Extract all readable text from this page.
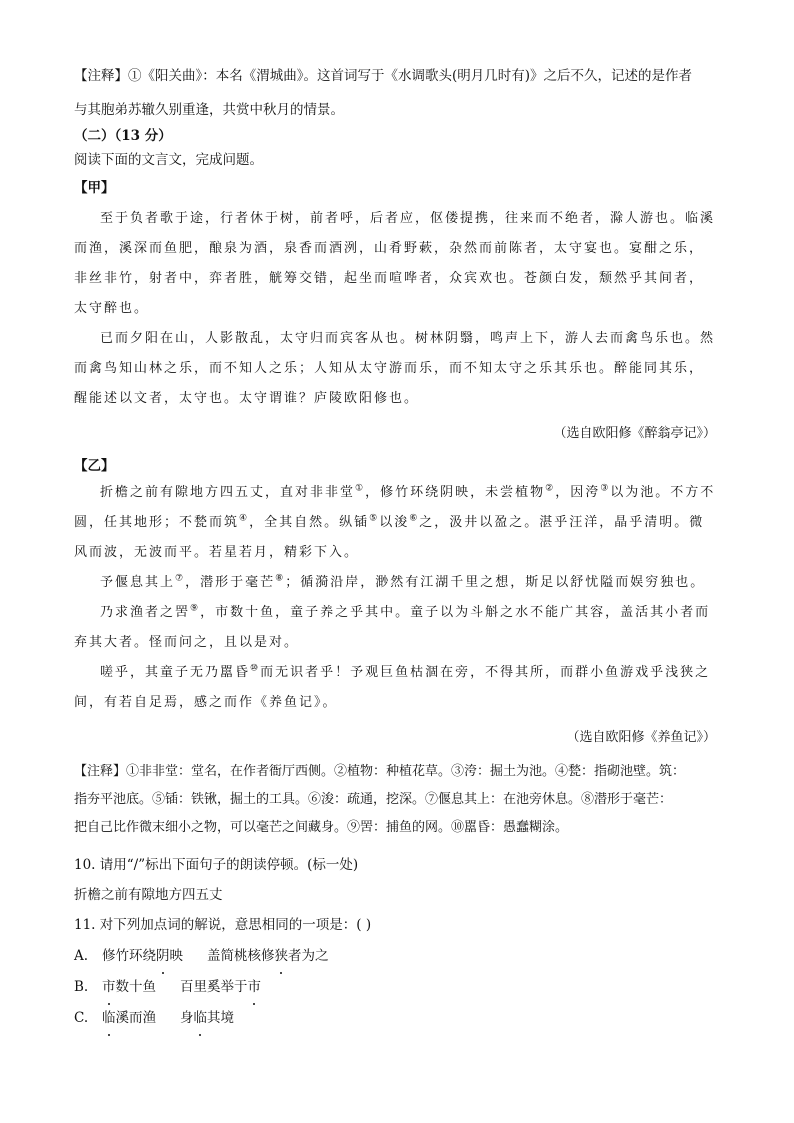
【注释】①《阳关曲》：本名《渭城曲》。这首词写于《水调歌头(明月几时有)》之后不久，记述的是作者

与其胞弟苏辙久别重逢，共赏中秋月的情景。

（二）（13 分）

阅读下面的文言文，完成问题。

【甲】

至于负者歌于途，行者休于树，前者呼，后者应，伛偻提携，往来而不绝者，滁人游也。临溪而渔，溪深而鱼肥，酿泉为酒，泉香而酒洌，山肴野蔌，杂然而前陈者，太守宴也。宴酣之乐，非丝非竹，射者中，弈者胜，觥筹交错，起坐而喧哗者，众宾欢也。苍颜白发，颓然乎其间者，太守醉也。

已而夕阳在山，人影散乱，太守归而宾客从也。树林阴翳，鸣声上下，游人去而禽鸟乐也。然而禽鸟知山林之乐，而不知人之乐；人知从太守游而乐，而不知太守之乐其乐也。醉能同其乐，醒能述以文者，太守也。太守谓谁？庐陵欧阳修也。

（选自欧阳修《醉翁亭记》）

【乙】

折檐之前有隙地方四五丈，直对非非堂①，修竹环绕阴映，未尝植物②，因洿③以为池。不方不圆，任其地形；不甃而筑④，全其自然。纵锸⑤以浚⑥之，汲井以盈之。湛乎汪洋，晶乎清明。微风而波，无波而平。若星若月，精彩下入。

予偃息其上⑦，潜形于毫芒⑧；循漪沿岸，渺然有江湖千里之想，斯足以舒忧隘而娱穷独也。

乃求渔者之罟⑨，市数十鱼，童子养之乎其中。童子以为斗斛之水不能广其容，盖活其小者而弃其大者。怪而问之，且以是对。

嗟乎，其童子无乃嚚昏⑩而无识者乎！予观巨鱼枯涸在旁，不得其所，而群小鱼游戏乎浅狭之间，有若自足焉，感之而作《养鱼记》。

（选自欧阳修《养鱼记》）

【注释】①非非堂：堂名，在作者衙厅西侧。②植物：种植花草。③洿：掘土为池。④甃：指砌池壁。筑：

指夯平池底。⑤锸：铁锹，掘土的工具。⑥浚：疏通，挖深。⑦偃息其上：在池旁休息。⑧潜形于毫芒：

把自己比作微末细小之物，可以毫芒之间藏身。⑨罟：捕鱼的网。⑩嚚昏：愚蠢糊涂。

10. 请用“/”标出下面句子的朗读停顿。(标一处)

折檐之前有隙地方四五丈

11. 对下列加点词的解说，意思相同的一项是：( )

A. 修竹环绕阴映 盖简桃核修狭者为之

B. 市数十鱼 百里奚举于市

C. 临溪而渔 身临其境
